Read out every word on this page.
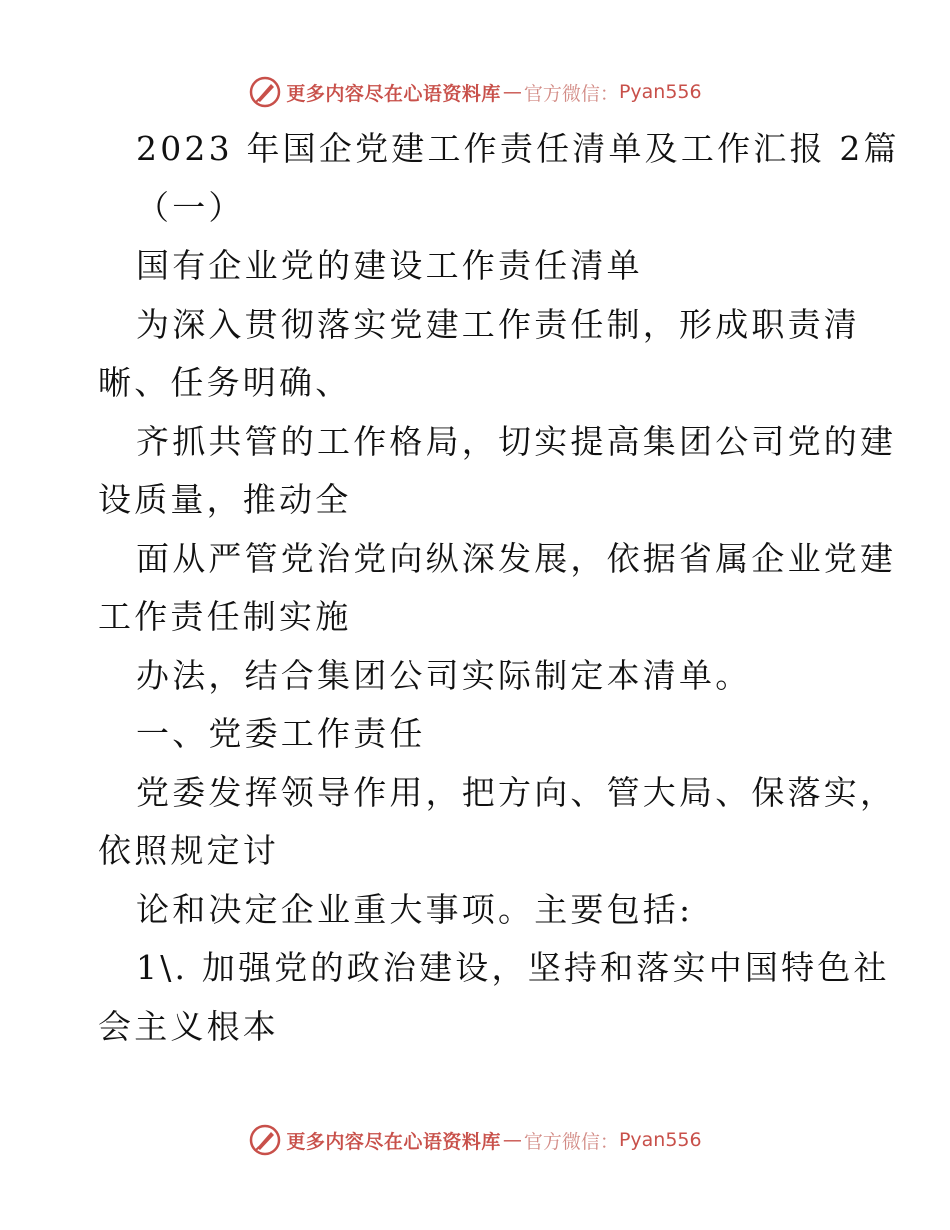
更多内容尽在心语资料库 — 官方微信： Pyan556
2023 年国企党建工作责任清单及工作汇报 2篇
（一）
国有企业党的建设工作责任清单
为深入贯彻落实党建工作责任制，形成职责清
晰、任务明确、
齐抓共管的工作格局，切实提高集团公司党的建
设质量，推动全
面从严管党治党向纵深发展，依据省属企业党建
工作责任制实施
办法，结合集团公司实际制定本清单。
一、党委工作责任
党委发挥领导作用，把方向、管大局、保落实，
依照规定讨
论和决定企业重大事项。主要包括:
1\. 加强党的政治建设，坚持和落实中国特色社
会主义根本
更多内容尽在心语资料库 — 官方微信： Pyan556
